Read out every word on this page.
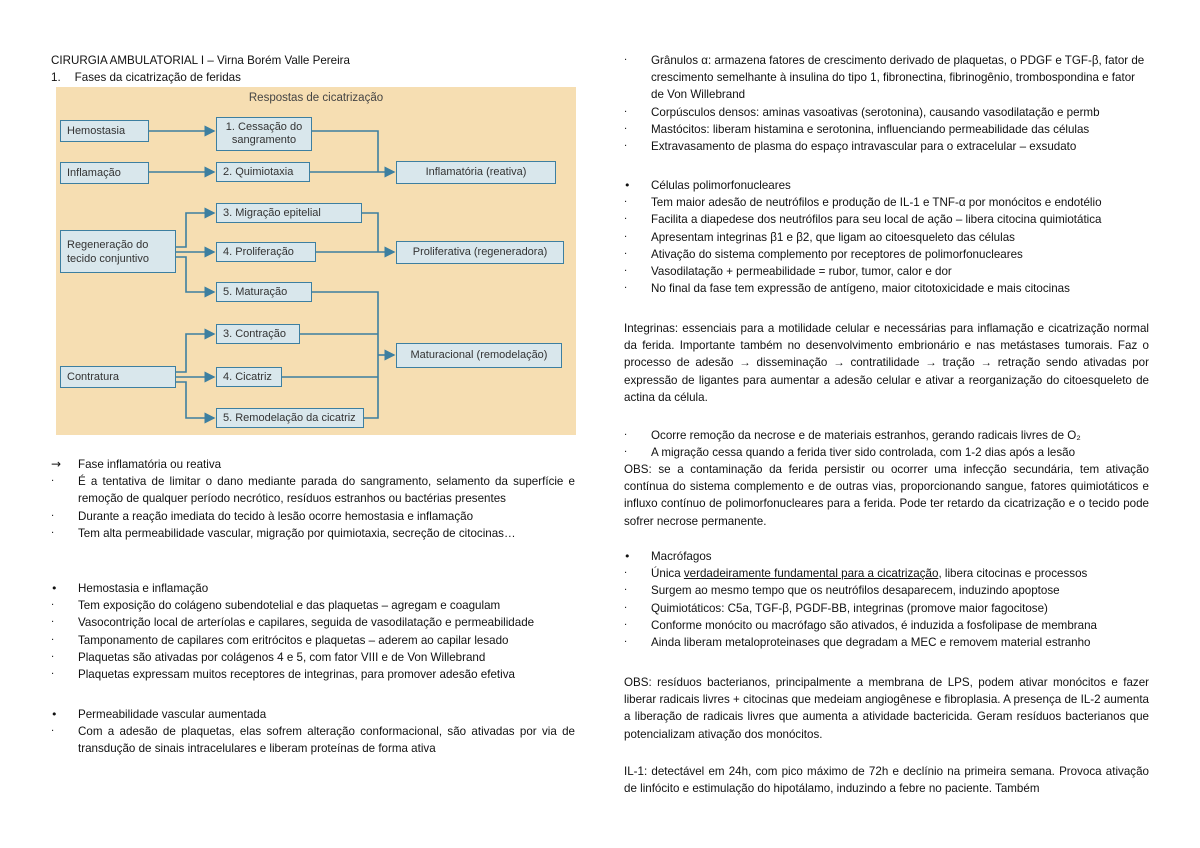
CIRURGIA AMBULATORIAL I – Virna Borém Valle Pereira
1. Fases da cicatrização de feridas
→	Fase inflamatória ou reativa
·	É a tentativa de limitar o dano mediante parada do sangramento, selamento da superfície e remoção de qualquer período necrótico, resíduos estranhos ou bactérias presentes
·	Durante a reação imediata do tecido à lesão ocorre hemostasia e inflamação
·	Tem alta permeabilidade vascular, migração por quimiotaxia, secreção de citocinas…
•	Hemostasia e inflamação
·	Tem exposição do colágeno subendotelial e das plaquetas – agregam e coagulam
·	Vasocontrição local de arteríolas e capilares, seguida de vasodilatação e permeabilidade
·	Tamponamento de capilares com eritrócitos e plaquetas – aderem ao capilar lesado
·	Plaquetas são ativadas por colágenos 4 e 5, com fator VIII e de Von Willebrand
·	Plaquetas expressam muitos receptores de integrinas, para promover adesão efetiva
•	Permeabilidade vascular aumentada
·	Com a adesão de plaquetas, elas sofrem alteração conformacional, são ativadas por via de transdução de sinais intracelulares e liberam proteínas de forma ativa
Respostas de cicatrização
Hemostasia
Inflamação
Regeneração do tecido conjuntivo
Contratura
1. Cessação do sangramento
2. Quimiotaxia
3. Migração epitelial
4. Proliferação
5. Maturação
3. Contração
4. Cicatriz
5. Remodelação da cicatriz
Inflamatória (reativa)
Proliferativa (regeneradora)
Maturacional (remodelação)
·	Grânulos α: armazena fatores de crescimento derivado de plaquetas, o PDGF e TGF-β, fator de crescimento semelhante à insulina do tipo 1, fibronectina, fibrinogênio, trombospondina e fator de Von Willebrand
·	Corpúsculos densos: aminas vasoativas (serotonina), causando vasodilatação e permb
·	Mastócitos: liberam histamina e serotonina, influenciando permeabilidade das células
·	Extravasamento de plasma do espaço intravascular para o extracelular – exsudato
•	Células polimorfonucleares
·	Tem maior adesão de neutrófilos e produção de IL-1 e TNF-α por monócitos e endotélio
·	Facilita a diapedese dos neutrófilos para seu local de ação – libera citocina quimiotática
·	Apresentam integrinas β1 e β2, que ligam ao citoesqueleto das células
·	Ativação do sistema complemento por receptores de polimorfonucleares
·	Vasodilatação + permeabilidade = rubor, tumor, calor e dor
·	No final da fase tem expressão de antígeno, maior citotoxicidade e mais citocinas
Integrinas: essenciais para a motilidade celular e necessárias para inflamação e cicatrização normal da ferida. Importante também no desenvolvimento embrionário e nas metástases tumorais. Faz o processo de adesão → disseminação → contratilidade → tração → retração sendo ativadas por expressão de ligantes para aumentar a adesão celular e ativar a reorganização do citoesqueleto de actina da célula.
·	Ocorre remoção da necrose e de materiais estranhos, gerando radicais livres de O₂
·	A migração cessa quando a ferida tiver sido controlada, com 1-2 dias após a lesão
OBS: se a contaminação da ferida persistir ou ocorrer uma infecção secundária, tem ativação contínua do sistema complemento e de outras vias, proporcionando sangue, fatores quimiotáticos e influxo contínuo de polimorfonucleares para a ferida. Pode ter retardo da cicatrização e o tecido pode sofrer necrose permanente.
•	Macrófagos
·	Única verdadeiramente fundamental para a cicatrização, libera citocinas e processos
·	Surgem ao mesmo tempo que os neutrófilos desaparecem, induzindo apoptose
·	Quimiotáticos: C5a, TGF-β, PGDF-BB, integrinas (promove maior fagocitose)
·	Conforme monócito ou macrófago são ativados, é induzida a fosfolipase de membrana
·	Ainda liberam metaloproteinases que degradam a MEC e removem material estranho
OBS: resíduos bacterianos, principalmente a membrana de LPS, podem ativar monócitos e fazer liberar radicais livres + citocinas que medeiam angiogênese e fibroplasia. A presença de IL-2 aumenta a liberação de radicais livres que aumenta a atividade bactericida. Geram resíduos bacterianos que potencializam ativação dos monócitos.
IL-1: detectável em 24h, com pico máximo de 72h e declínio na primeira semana. Provoca ativação de linfócito e estimulação do hipotálamo, induzindo a febre no paciente. Também
